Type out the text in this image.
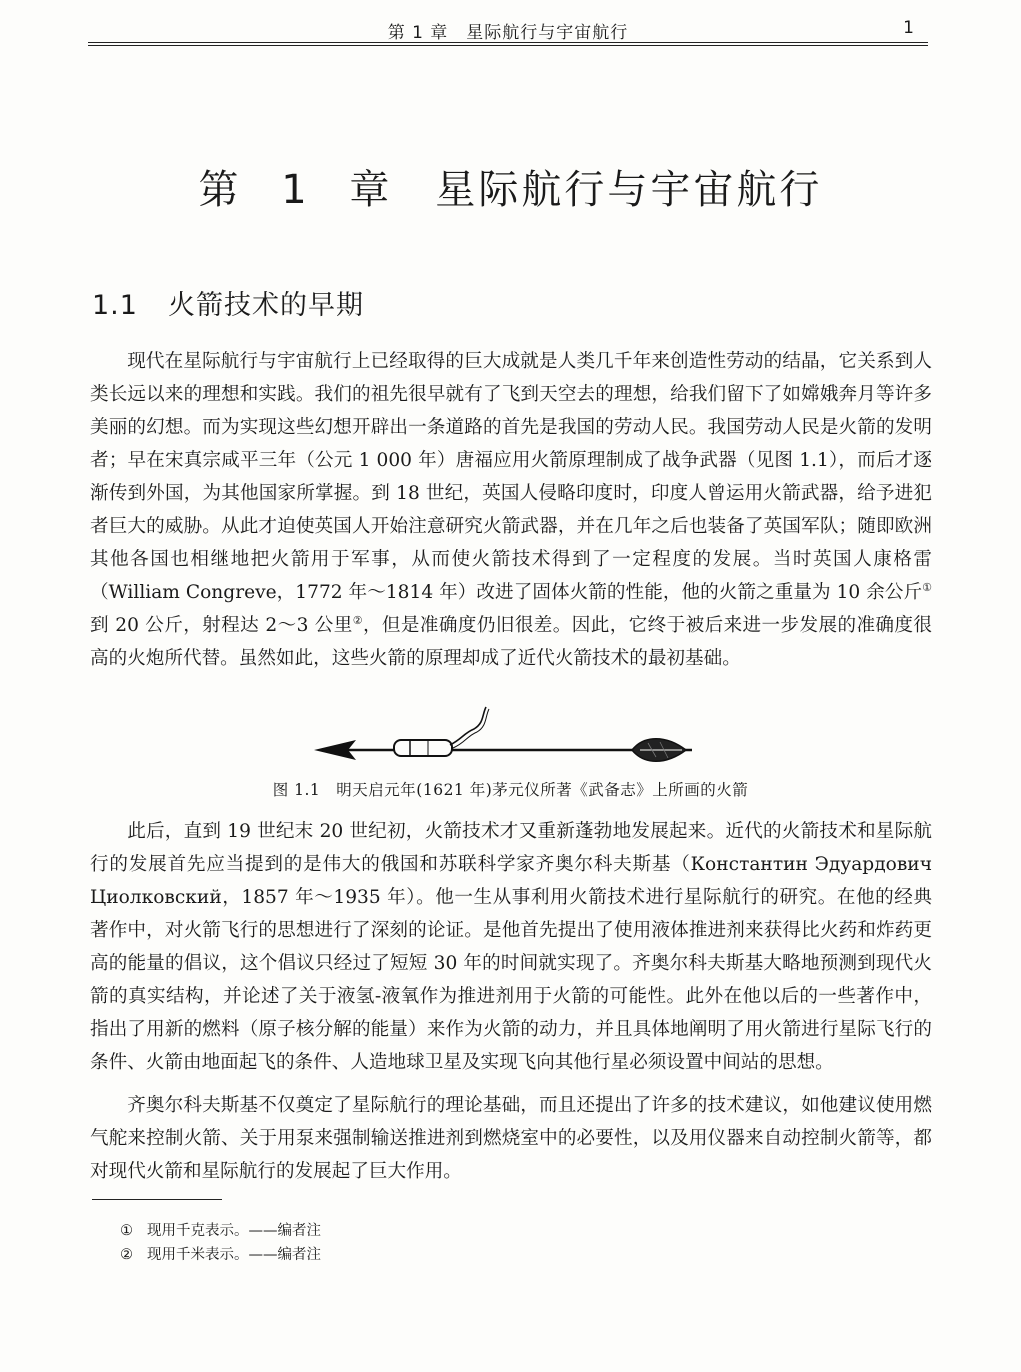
第 1 章　星际航行与宇宙航行	1
第 1 章　星际航行与宇宙航行
1.1 火箭技术的早期

现代在星际航行与宇宙航行上已经取得的巨大成就是人类几千年来创造性劳动的结晶，它关系到人类长远以来的理想和实践。我们的祖先很早就有了飞到天空去的理想，给我们留下了如嫦娥奔月等许多美丽的幻想。而为实现这些幻想开辟出一条道路的首先是我国的劳动人民。我国劳动人民是火箭的发明者；早在宋真宗咸平三年（公元 1 000 年）唐福应用火箭原理制成了战争武器（见图 1.1），而后才逐渐传到外国，为其他国家所掌握。到 18 世纪，英国人侵略印度时，印度人曾运用火箭武器，给予进犯者巨大的威胁。从此才迫使英国人开始注意研究火箭武器，并在几年之后也装备了英国军队；随即欧洲其他各国也相继地把火箭用于军事，从而使火箭技术得到了一定程度的发展。当时英国人康格雷（William Congreve，1772 年～1814 年）改进了固体火箭的性能，他的火箭之重量为 10 余公斤①到 20 公斤，射程达 2～3 公里②，但是准确度仍旧很差。因此，它终于被后来进一步发展的准确度很高的火炮所代替。虽然如此，这些火箭的原理却成了近代火箭技术的最初基础。

图 1.1　明天启元年(1621 年)茅元仪所著《武备志》上所画的火箭

此后，直到 19 世纪末 20 世纪初，火箭技术才又重新蓬勃地发展起来。近代的火箭技术和星际航行的发展首先应当提到的是伟大的俄国和苏联科学家齐奥尔科夫斯基（Константин Эдуардович Циолковский，1857 年～1935 年）。他一生从事利用火箭技术进行星际航行的研究。在他的经典著作中，对火箭飞行的思想进行了深刻的论证。是他首先提出了使用液体推进剂来获得比火药和炸药更高的能量的倡议，这个倡议只经过了短短 30 年的时间就实现了。齐奥尔科夫斯基大略地预测到现代火箭的真实结构，并论述了关于液氢-液氧作为推进剂用于火箭的可能性。此外在他以后的一些著作中，指出了用新的燃料（原子核分解的能量）来作为火箭的动力，并且具体地阐明了用火箭进行星际飞行的条件、火箭由地面起飞的条件、人造地球卫星及实现飞向其他行星必须设置中间站的思想。

齐奥尔科夫斯基不仅奠定了星际航行的理论基础，而且还提出了许多的技术建议，如他建议使用燃气舵来控制火箭、关于用泵来强制输送推进剂到燃烧室中的必要性，以及用仪器来自动控制火箭等，都对现代火箭和星际航行的发展起了巨大作用。

① 现用千克表示。——编者注
② 现用千米表示。——编者注
